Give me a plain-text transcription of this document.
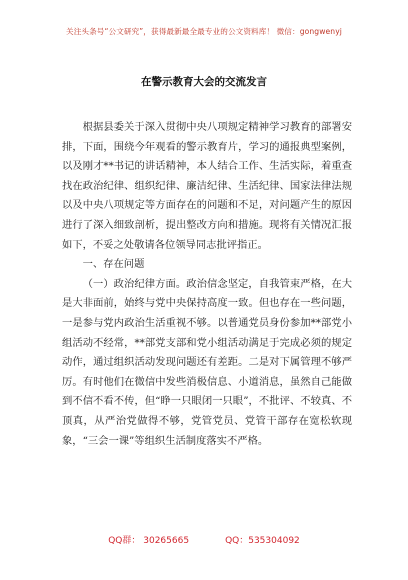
关注头条号“公文研究”，获得最新最全最专业的公文资料库！ 微信：gongwenyj
在警示教育大会的交流发言

根据县委关于深入贯彻中央八项规定精神学习教育的部署安排，下面，围绕今年观看的警示教育片，学习的通报典型案例，以及刚才**书记的讲话精神，本人结合工作、生活实际，着重查找在政治纪律、组织纪律、廉洁纪律、生活纪律、国家法律法规以及中央八项规定等方面存在的问题和不足，对问题产生的原因进行了深入细致剖析，提出整改方向和措施。现将有关情况汇报如下，不妥之处敬请各位领导同志批评指正。

一、存在问题

（一）政治纪律方面。政治信念坚定，自我管束严格，在大是大非面前，始终与党中央保持高度一致。但也存在一些问题，一是参与党内政治生活重视不够。以普通党员身份参加**部党小组活动不经常，**部党支部和党小组活动满足于完成必须的规定动作，通过组织活动发现问题还有差距。二是对下属管理不够严厉。有时他们在微信中发些消极信息、小道消息，虽然自己能做到不信不看不传，但“睁一只眼闭一只眼”，不批评、不较真、不顶真，从严治党做得不够，党管党员、党管干部存在宽松软现象，“三会一课”等组织生活制度落实不严格。

QQ群： 30265665	QQ：535304092
